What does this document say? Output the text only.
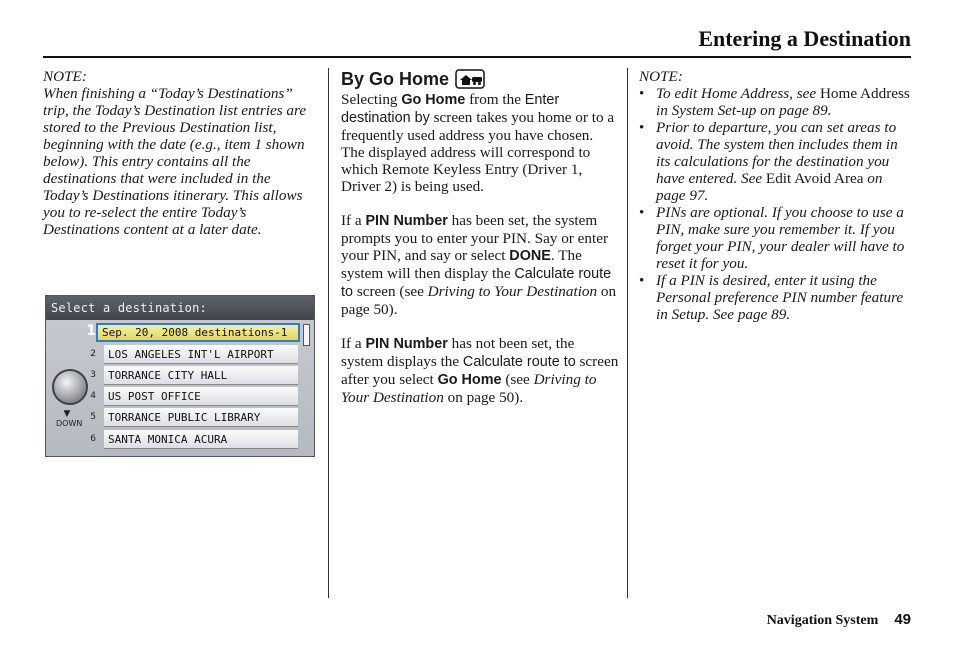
Entering a Destination

NOTE:

When finishing a “Today’s Destinations” trip, the Today’s Destination list entries are stored to the Previous Destination list, beginning with the date (e.g., item 1 shown below). This entry contains all the destinations that were included in the Today’s Destinations itinerary. This allows you to re-select the entire Today’s Destinations content at a later date.

Select a destination:
▼
DOWN
1 Sep. 20, 2008 destinations-1
2	LOS ANGELES INT'L AIRPORT
3	TORRANCE CITY HALL
4	US POST OFFICE
5	TORRANCE PUBLIC LIBRARY
6	SANTA MONICA ACURA
By Go Home

Selecting Go Home from the Enter destination by screen takes you home or to a frequently used address you have chosen. The displayed address will correspond to which Remote Keyless Entry (Driver 1, Driver 2) is being used.

If a PIN Number has been set, the system prompts you to enter your PIN. Say or enter your PIN, and say or select DONE. The system will then display the Calculate route to screen (see Driving to Your Destination on page 50).

If a PIN Number has not been set, the system displays the Calculate route to screen after you select Go Home (see Driving to Your Destination on page 50).

NOTE:

• To edit Home Address, see Home Address in System Set-up on page 89.
• Prior to departure, you can set areas to avoid. The system then includes them in its calculations for the destination you have entered. See Edit Avoid Area on page 97.
• PINs are optional. If you choose to use a PIN, make sure you remember it. If you forget your PIN, your dealer will have to reset it for you.
• If a PIN is desired, enter it using the Personal preference PIN number feature in Setup. See page 89.
Navigation System 49
